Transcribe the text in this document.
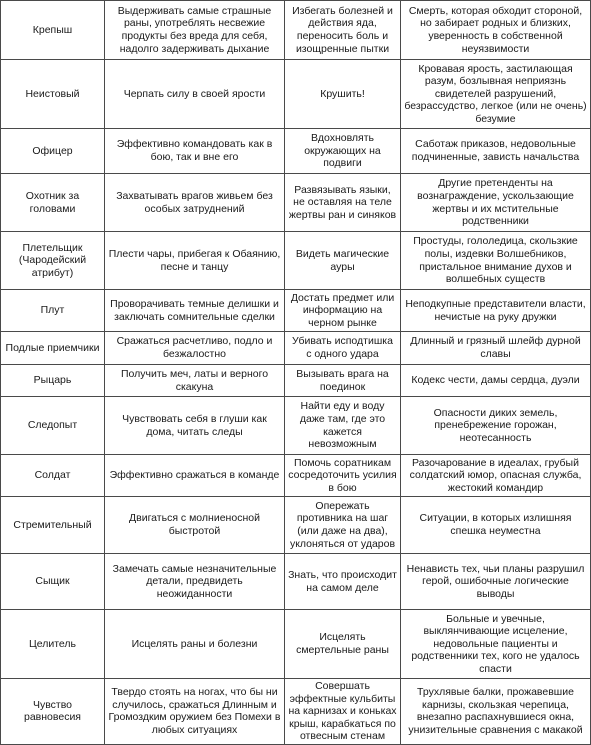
Крепыш	Выдерживать самые страшные раны, употреблять несвежие продукты без вреда для себя, надолго задерживать дыхание	Избегать болезней и действия яда, переносить боль и изощренные пытки	Смерть, которая обходит стороной, но забирает родных и близких, уверенность в собственной неуязвимости
Неистовый	Черпать силу в своей ярости	Крушить!	Кровавая ярость, застилающая разум, бозлывная неприязнь свидетелей разрушений, безрассудство, легкое (или не очень) безумие
Офицер	Эффективно командовать как в бою, так и вне его	Вдохновлять окружающих на подвиги	Саботаж приказов, недовольные подчиненные, зависть начальства
Охотник за головами	Захватывать врагов живьем без особых затруднений	Развязывать языки, не оставляя на теле жертвы ран и синяков	Другие претенденты на вознаграждение, ускользающие жертвы и их мстительные родственники
Плетельщик (Чародейский атрибут)	Плести чары, прибегая к Обаянию, песне и танцу	Видеть магические ауры	Простуды, гололедица, скользкие полы, издевки Волшебников, пристальное внимание духов и волшебных существ
Плут	Проворачивать темные делишки и заключать сомнительные сделки	Достать предмет или информацию на черном рынке	Неподкупные представители власти, нечистые на руку дружки
Подлые приемчики	Сражаться расчетливо, подло и безжалостно	Убивать исподтишка с одного удара	Длинный и грязный шлейф дурной славы
Рыцарь	Получить меч, латы и верного скакуна	Вызывать врага на поединок	Кодекс чести, дамы сердца, дуэли
Следопыт	Чувствовать себя в глуши как дома, читать следы	Найти еду и воду даже там, где это кажется невозможным	Опасности диких земель, пренебрежение горожан, неотесанность
Солдат	Эффективно сражаться в команде	Помочь соратникам сосредоточить усилия в бою	Разочарование в идеалах, грубый солдатский юмор, опасная служба, жестокий командир
Стремительный	Двигаться с молниеносной быстротой	Опережать противника на шаг (или даже на два), уклоняться от ударов	Ситуации, в которых излишняя спешка неуместна
Сыщик	Замечать самые незначительные детали, предвидеть неожиданности	Знать, что происходит на самом деле	Ненависть тех, чьи планы разрушил герой, ошибочные логические выводы
Целитель	Исцелять раны и болезни	Исцелять смертельные раны	Больные и увечные, выклянчивающие исцеление, недовольные пациенты и родственники тех, кого не удалось спасти
Чувство равновесия	Твердо стоять на ногах, что бы ни случилось, сражаться Длинным и Громоздким оружием без Помехи в любых ситуациях	Совершать эффектные кульбиты на карнизах и коньках крыш, карабкаться по отвесным стенам	Трухлявые балки, прожавевшие карнизы, скользкая черепица, внезапно распахнувшиеся окна, унизительные сравнения с макакой
